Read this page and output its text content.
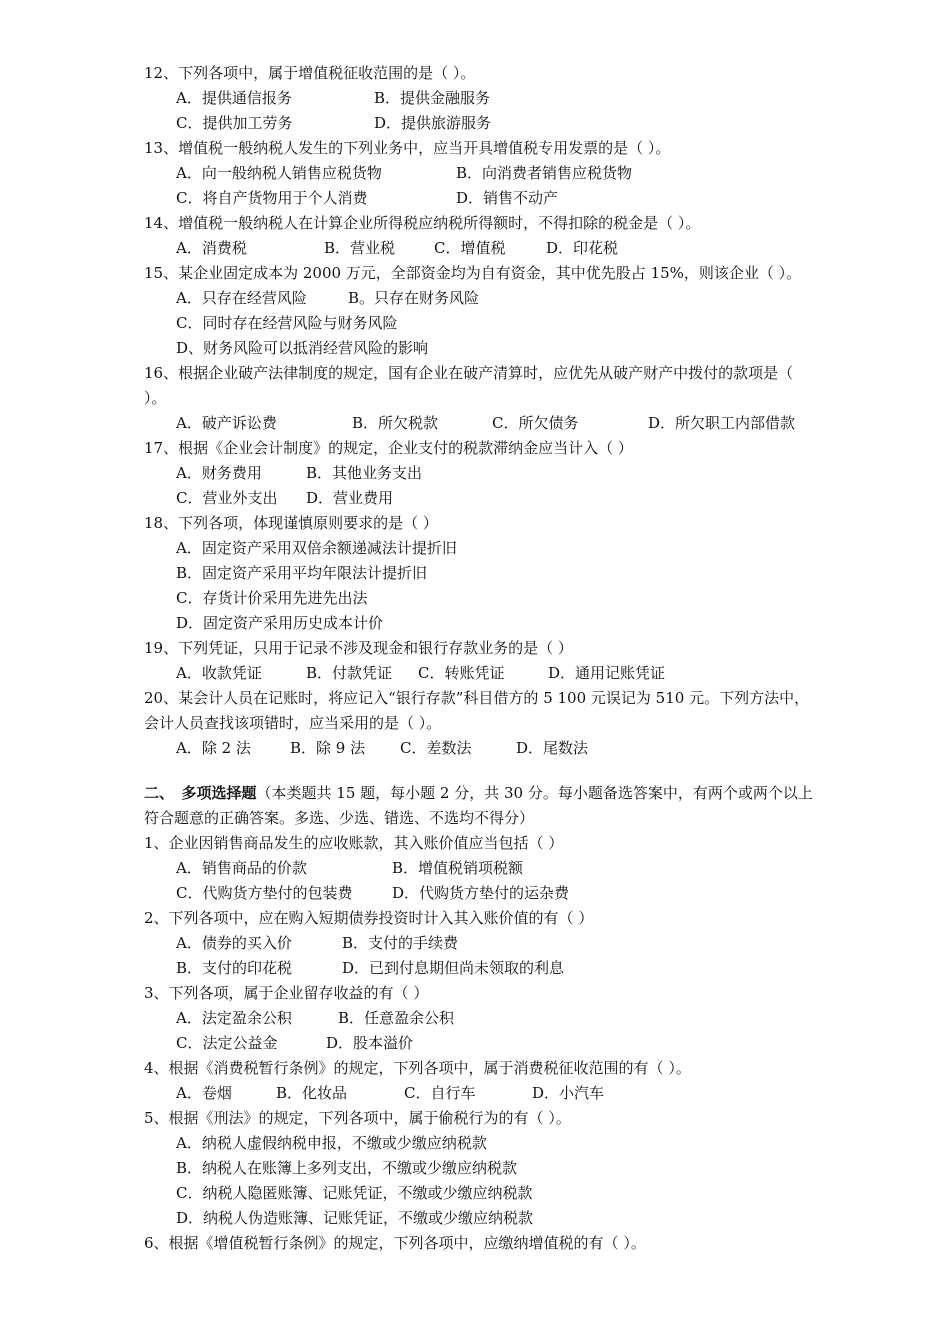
12、下列各项中，属于增值税征收范围的是（ ）。
A．提供通信报务	B．提供金融服务
C．提供加工劳务	D．提供旅游服务
13、增值税一般纳税人发生的下列业务中，应当开具增值税专用发票的是（ ）。
A．向一般纳税人销售应税货物	B．向消费者销售应税货物
C．将自产货物用于个人消费	D．销售不动产
14、增值税一般纳税人在计算企业所得税应纳税所得额时，不得扣除的税金是（ ）。
A．消费税	B．营业税	C．增值税	D．印花税
15、某企业固定成本为 2000 万元，全部资金均为自有资金，其中优先股占 15%，则该企业（ ）。
A．只存在经营风险	B。只存在财务风险
C．同时存在经营风险与财务风险
D、财务风险可以抵消经营风险的影响
16、根据企业破产法律制度的规定，国有企业在破产清算时，应优先从破产财产中拨付的款项是（ ）。
A．破产诉讼费	B．所欠税款	C．所欠债务	D．所欠职工内部借款
17、根据《企业会计制度》的规定，企业支付的税款滞纳金应当计入（ ）
A．财务费用	B．其他业务支出
C．营业外支出 D．营业费用
18、下列各项，体现谨慎原则要求的是（ ）
A．固定资产采用双倍余额递减法计提折旧
B．固定资产采用平均年限法计提折旧
C．存货计价采用先进先出法
D．固定资产采用历史成本计价
19、下列凭证，只用于记录不涉及现金和银行存款业务的是（ ）
A．收款凭证	B．付款凭证 C．转账凭证	D．通用记账凭证
20、某会计人员在记账时，将应记入“银行存款”科目借方的 5 100 元误记为 510 元。下列方法中，会计人员查找该项错时，应当采用的是（ ）。
A．除 2 法	B．除 9 法 C．差数法	D．尾数法
二、　多项选择题（本类题共 15 题，每小题 2 分，共 30 分。每小题备选答案中，有两个或两个以上符合题意的正确答案。多选、少选、错选、不选均不得分）
1、企业因销售商品发生的应收账款，其入账价值应当包括（ ）
A．销售商品的价款	B．增值税销项税额
C．代购货方垫付的包装费	D．代购货方垫付的运杂费
2、下列各项中，应在购入短期债券投资时计入其入账价值的有（ ）
A．债券的买入价	B．支付的手续费
B．支付的印花税	D．已到付息期但尚未领取的利息
3、下列各项，属于企业留存收益的有（ ）
A．法定盈余公积	B．任意盈余公积
C．法定公益金	D．股本溢价
4、根据《消费税暂行条例》的规定，下列各项中，属于消费税征收范围的有（ ）。
A．卷烟	B．化妆品	C．自行车	D．小汽车
5、根据《刑法》的规定，下列各项中，属于偷税行为的有（ ）。
A．纳税人虚假纳税申报，不缴或少缴应纳税款
B．纳税人在账簿上多列支出，不缴或少缴应纳税款
C．纳税人隐匿账簿、记账凭证，不缴或少缴应纳税款
D．纳税人伪造账簿、记账凭证，不缴或少缴应纳税款
6、根据《增值税暂行条例》的规定，下列各项中，应缴纳增值税的有（ ）。
